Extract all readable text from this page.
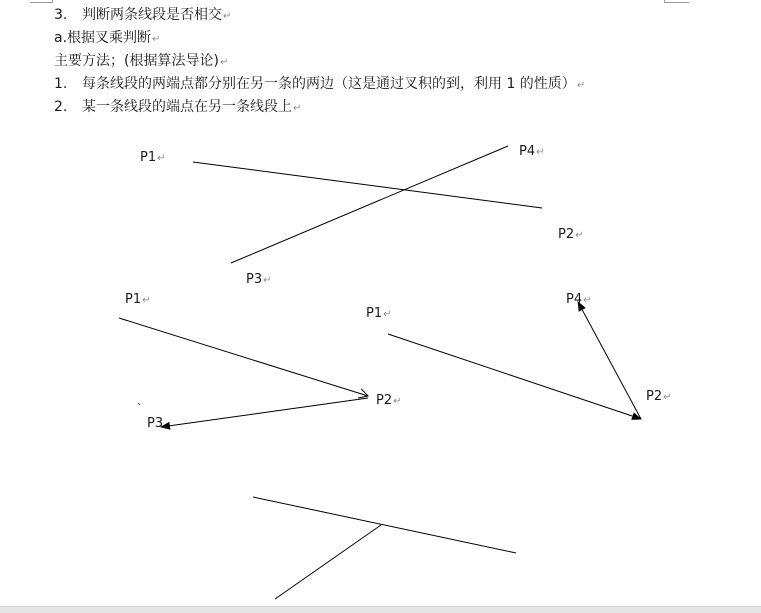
3. 判断两条线段是否相交↵
a.根据叉乘判断↵
主要方法；(根据算法导论)↵
1. 每条线段的两端点都分别在另一条的两边（这是通过叉积的到，利用 1 的性质）↵
2. 某一条线段的端点在另一条线段上↵
P1↵	P4↵
P2↵
P3↵
P1↵
P2↵
P3
P1↵
P4↵
P2↵
